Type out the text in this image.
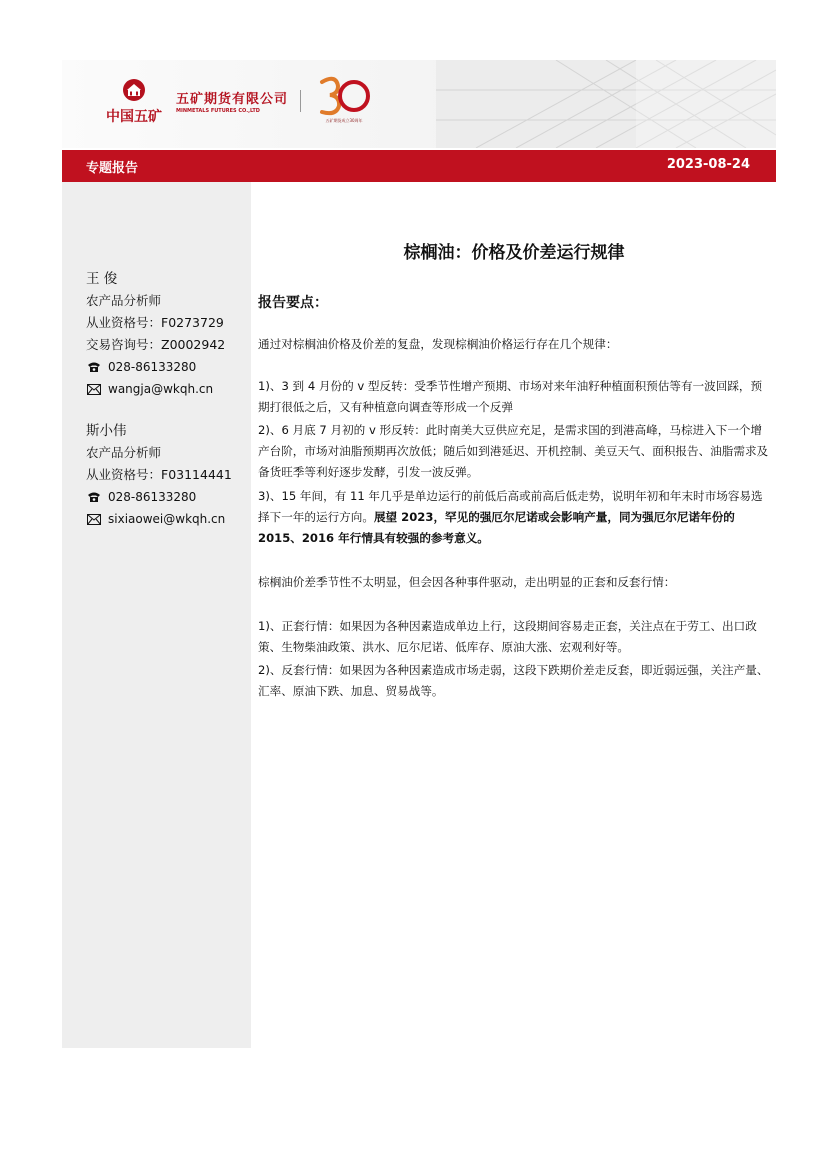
中国五矿
五矿期货有限公司
MINMETALS FUTURES CO.,LTD
五矿期货成立30周年
专题报告	2023-08-24
王 俊
农产品分析师
从业资格号：F0273729
交易咨询号：Z0002942
028-86133280
wangja@wkqh.cn
斯小伟
农产品分析师
从业资格号：F03114441
028-86133280
sixiaowei@wkqh.cn
棕榈油：价格及价差运行规律
报告要点：
通过对棕榈油价格及价差的复盘，发现棕榈油价格运行存在几个规律：
1)、3 到 4 月份的 v 型反转：受季节性增产预期、市场对来年油籽种植面积预估等有一波回踩，预期打很低之后，又有种植意向调查等形成一个反弹
2)、6 月底 7 月初的 v 形反转：此时南美大豆供应充足，是需求国的到港高峰，马棕进入下一个增产台阶，市场对油脂预期再次放低；随后如到港延迟、开机控制、美豆天气、面积报告、油脂需求及备货旺季等利好逐步发酵，引发一波反弹。
3)、15 年间，有 11 年几乎是单边运行的前低后高或前高后低走势，说明年初和年末时市场容易选择下一年的运行方向。展望 2023，罕见的强厄尔尼诺或会影响产量，同为强厄尔尼诺年份的 2015、2016 年行情具有较强的参考意义。
棕榈油价差季节性不太明显，但会因各种事件驱动，走出明显的正套和反套行情：
1)、正套行情：如果因为各种因素造成单边上行，这段期间容易走正套，关注点在于劳工、出口政策、生物柴油政策、洪水、厄尔尼诺、低库存、原油大涨、宏观利好等。
2)、反套行情：如果因为各种因素造成市场走弱，这段下跌期价差走反套，即近弱远强，关注产量、汇率、原油下跌、加息、贸易战等。
